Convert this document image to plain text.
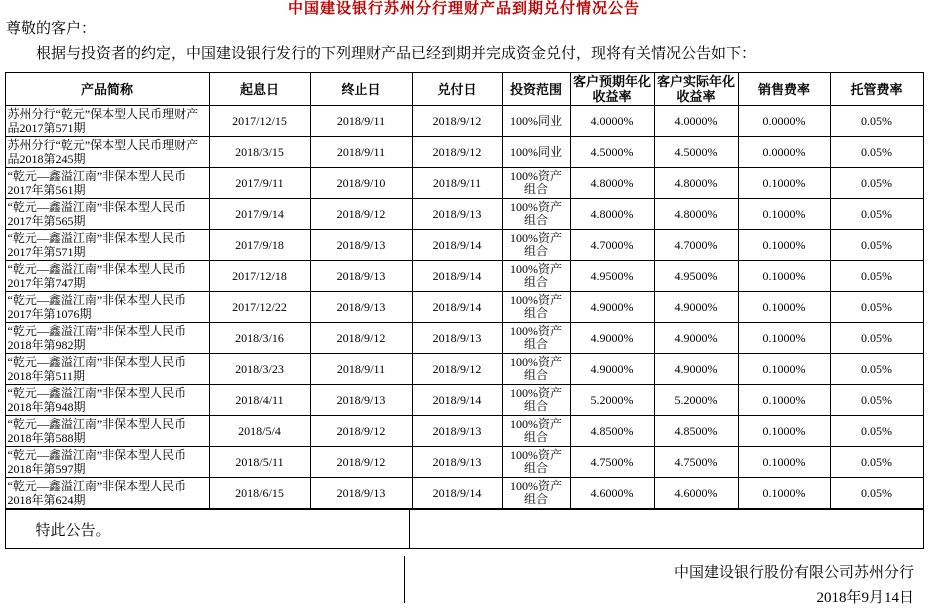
中国建设银行苏州分行理财产品到期兑付情况公告
尊敬的客户：
根据与投资者的约定，中国建设银行发行的下列理财产品已经到期并完成资金兑付，现将有关情况公告如下：
产品简称	起息日	终止日	兑付日	投资范围	客户预期年化收益率	客户实际年化收益率	销售费率	托管费率
苏州分行“乾元”保本型人民币理财产品2017第571期	2017/12/15	2018/9/11	2018/9/12	100%同业	4.0000%	4.0000%	0.0000%	0.05%
苏州分行“乾元”保本型人民币理财产品2018第245期	2018/3/15	2018/9/11	2018/9/12	100%同业	4.5000%	4.5000%	0.0000%	0.05%
“乾元—鑫溢江南”非保本型人民币2017年第561期	2017/9/11	2018/9/10	2018/9/11	100%资产组合	4.8000%	4.8000%	0.1000%	0.05%
“乾元—鑫溢江南”非保本型人民币2017年第565期	2017/9/14	2018/9/12	2018/9/13	100%资产组合	4.8000%	4.8000%	0.1000%	0.05%
“乾元—鑫溢江南”非保本型人民币2017年第571期	2017/9/18	2018/9/13	2018/9/14	100%资产组合	4.7000%	4.7000%	0.1000%	0.05%
“乾元—鑫溢江南”非保本型人民币2017年第747期	2017/12/18	2018/9/13	2018/9/14	100%资产组合	4.9500%	4.9500%	0.1000%	0.05%
“乾元—鑫溢江南”非保本型人民币2017年第1076期	2017/12/22	2018/9/13	2018/9/14	100%资产组合	4.9000%	4.9000%	0.1000%	0.05%
“乾元—鑫溢江南”非保本型人民币2018年第982期	2018/3/16	2018/9/12	2018/9/13	100%资产组合	4.9000%	4.9000%	0.1000%	0.05%
“乾元—鑫溢江南”非保本型人民币2018年第511期	2018/3/23	2018/9/11	2018/9/12	100%资产组合	4.9000%	4.9000%	0.1000%	0.05%
“乾元—鑫溢江南”非保本型人民币2018年第948期	2018/4/11	2018/9/13	2018/9/14	100%资产组合	5.2000%	5.2000%	0.1000%	0.05%
“乾元—鑫溢江南”非保本型人民币2018年第588期	2018/5/4	2018/9/12	2018/9/13	100%资产组合	4.8500%	4.8500%	0.1000%	0.05%
“乾元—鑫溢江南”非保本型人民币2018年第597期	2018/5/11	2018/9/12	2018/9/13	100%资产组合	4.7500%	4.7500%	0.1000%	0.05%
“乾元—鑫溢江南”非保本型人民币2018年第624期	2018/6/15	2018/9/13	2018/9/14	100%资产组合	4.6000%	4.6000%	0.1000%	0.05%
特此公告。	
中国建设银行股份有限公司苏州分行
2018年9月14日
